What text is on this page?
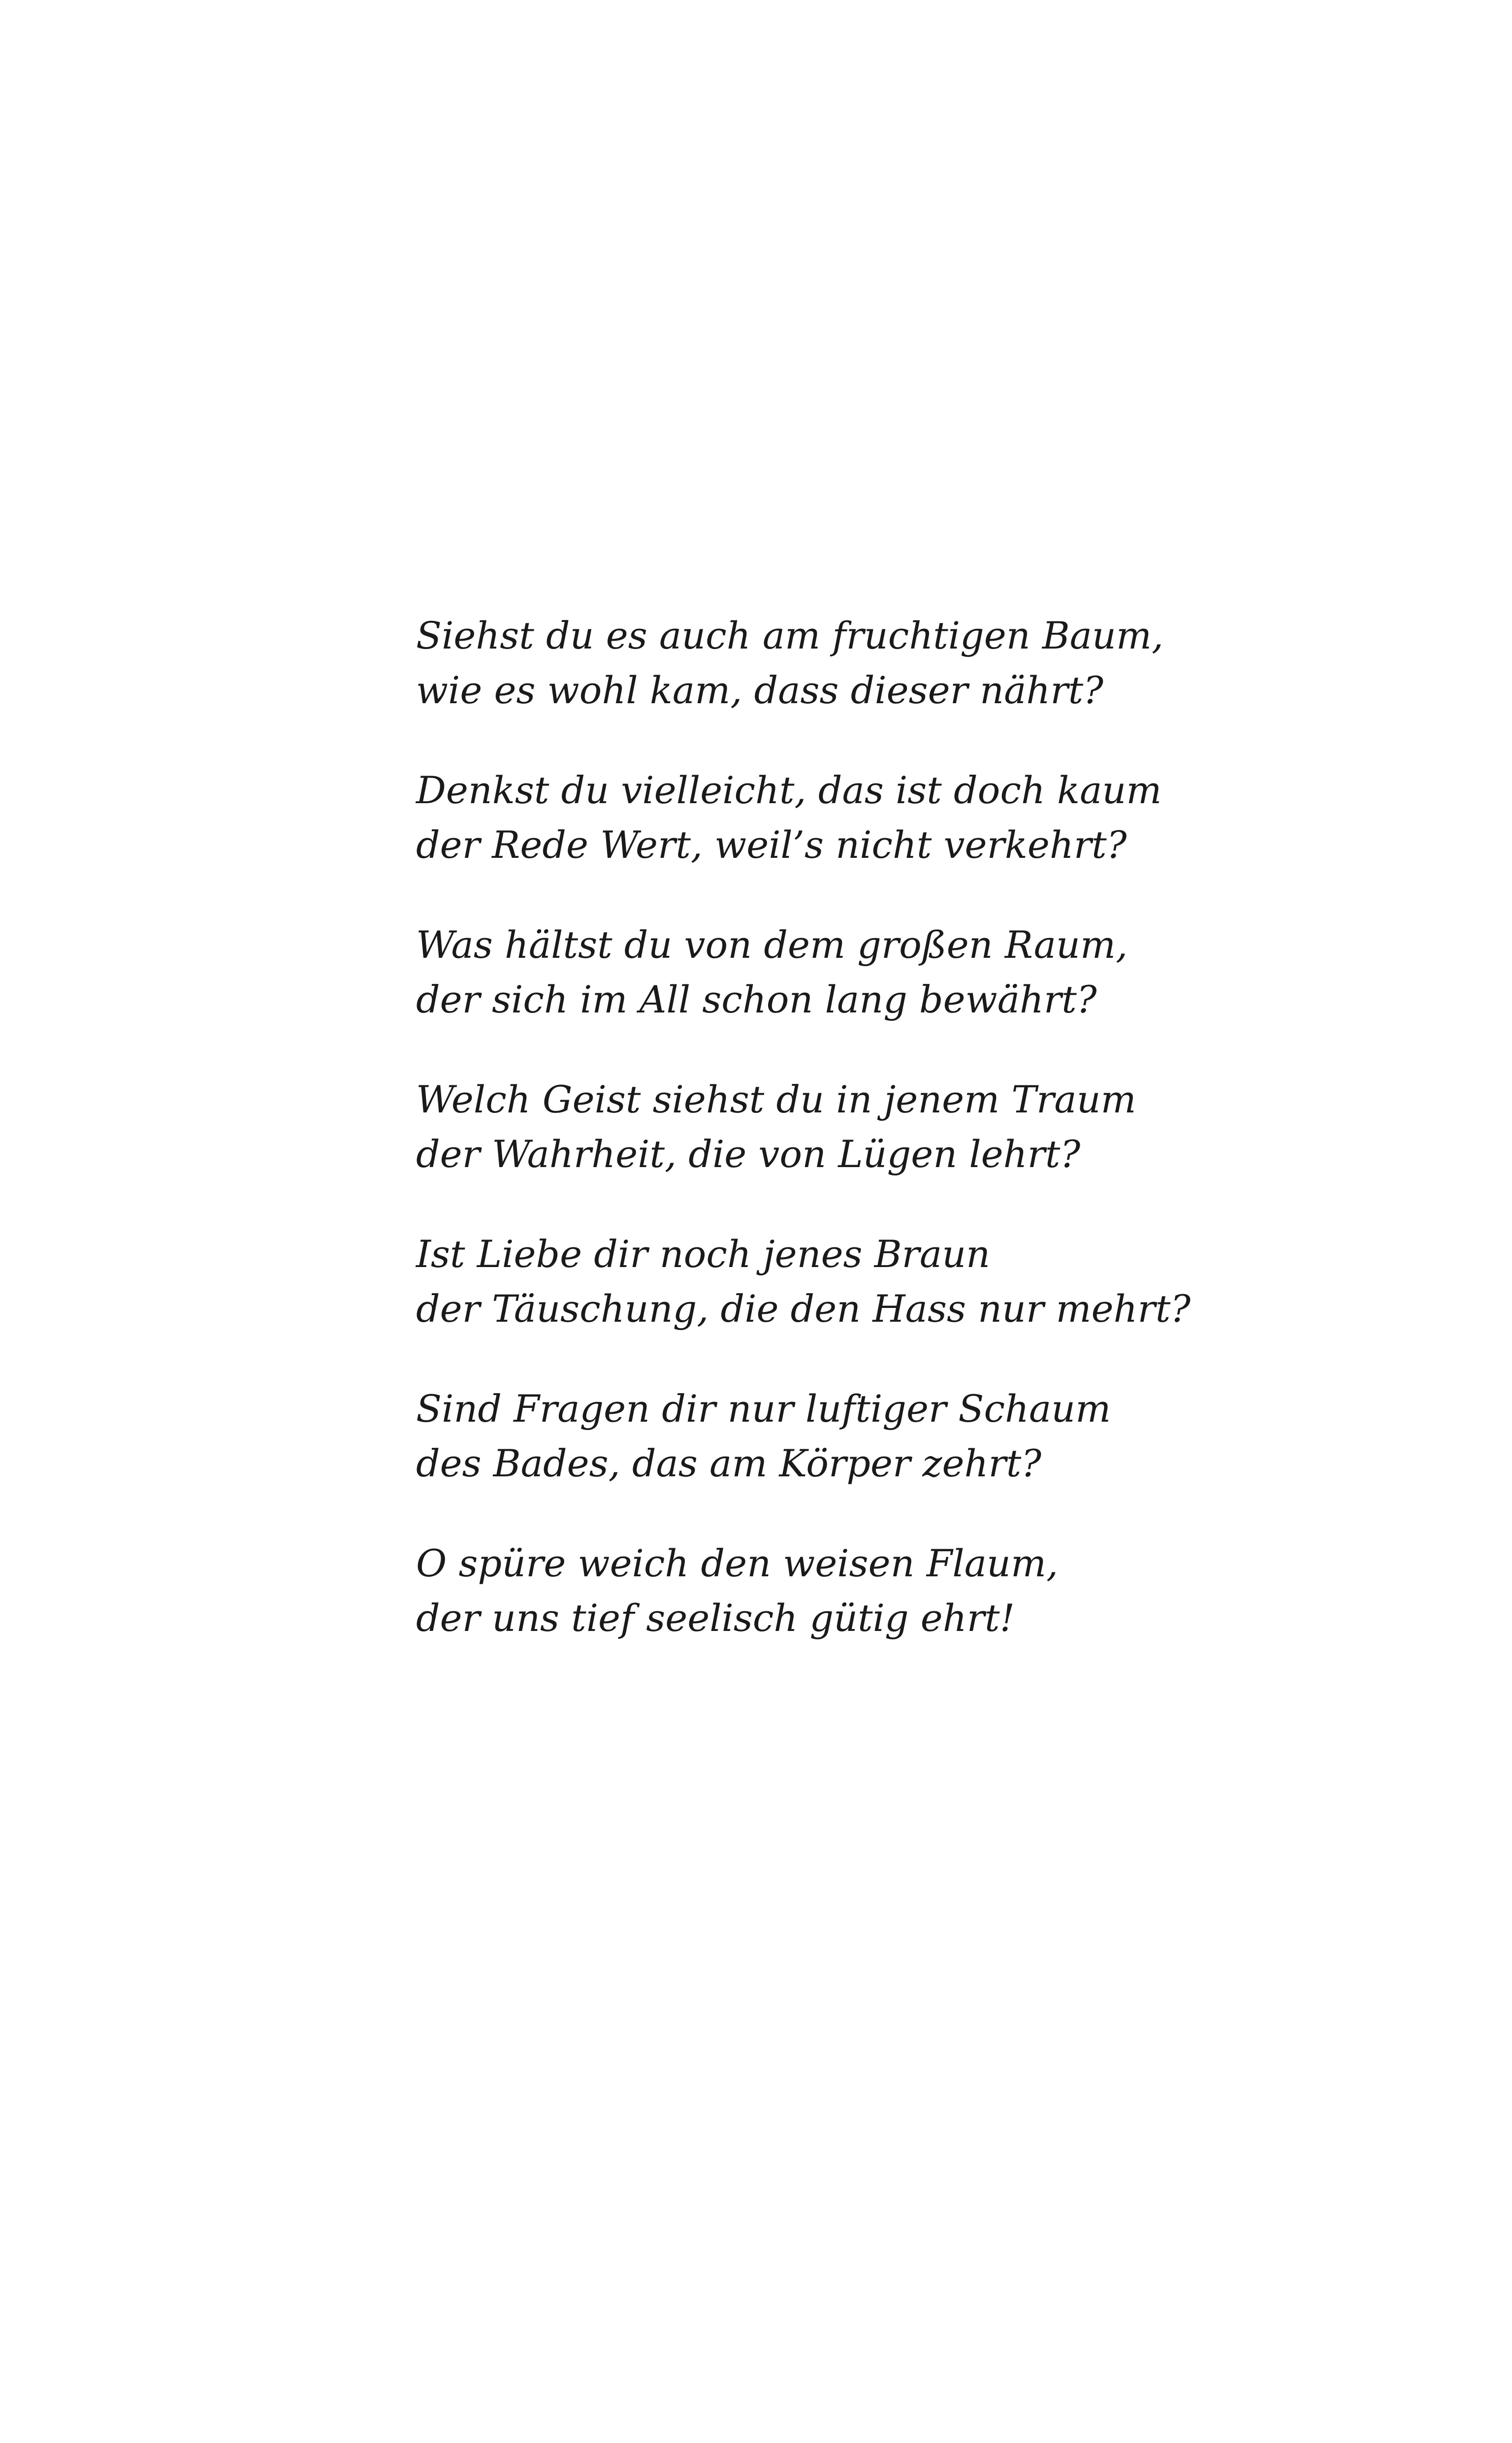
Siehst du es auch am fruchtigen Baum,
wie es wohl kam, dass dieser nährt?
Denkst du vielleicht, das ist doch kaum
der Rede Wert, weil’s nicht verkehrt?
Was hältst du von dem großen Raum,
der sich im All schon lang bewährt?
Welch Geist siehst du in jenem Traum
der Wahrheit, die von Lügen lehrt?
Ist Liebe dir noch jenes Braun
der Täuschung, die den Hass nur mehrt?
Sind Fragen dir nur luftiger Schaum
des Bades, das am Körper zehrt?
O spüre weich den weisen Flaum,
der uns tief seelisch gütig ehrt!
